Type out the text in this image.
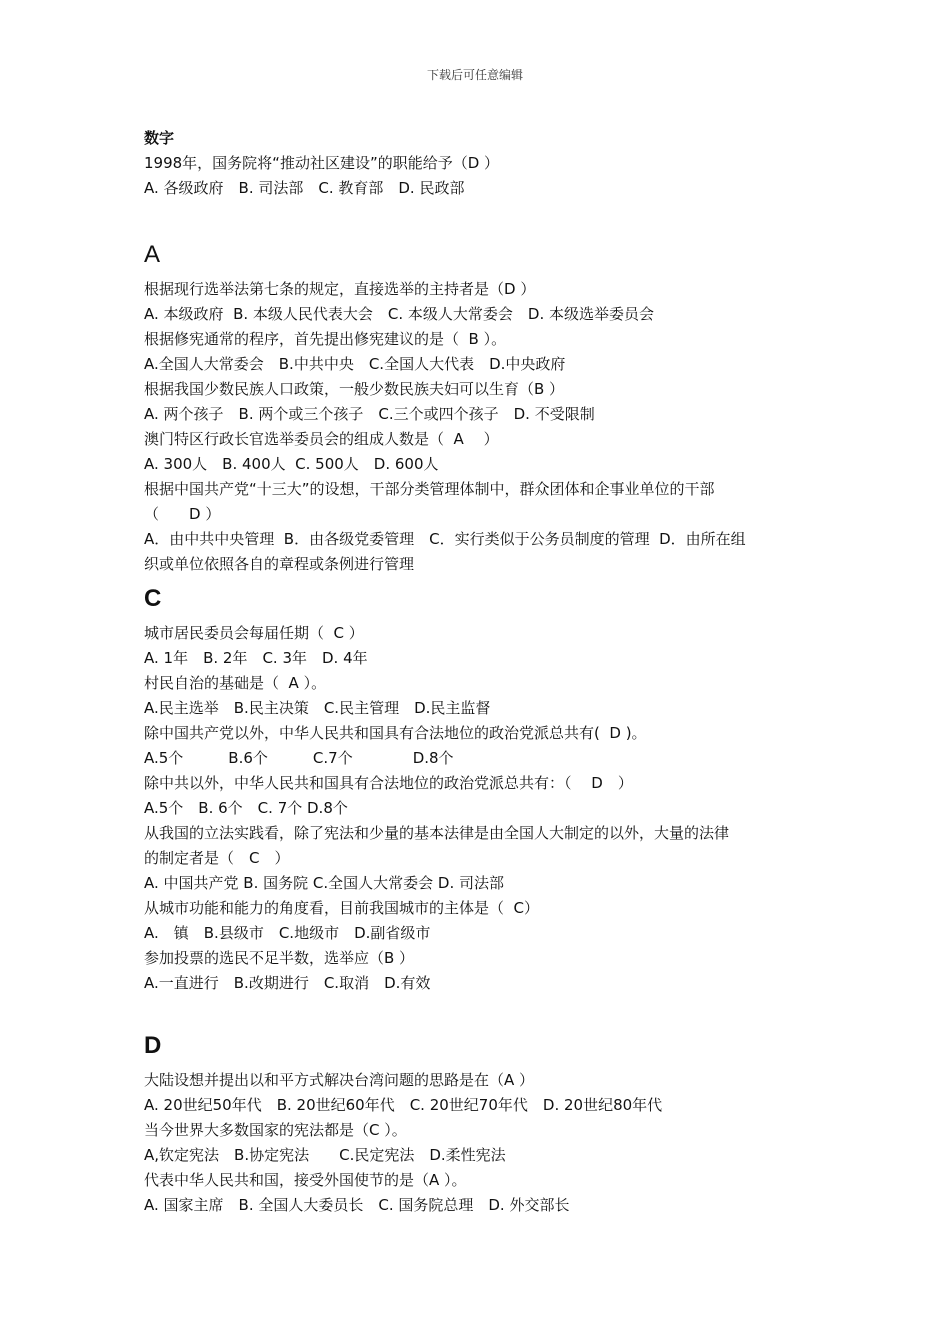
下载后可任意编辑
数字
1998年，国务院将“推动社区建设”的职能给予（D ）
A. 各级政府　B. 司法部　C. 教育部　D. 民政部
A
根据现行选举法第七条的规定，直接选举的主持者是（D ）
A. 本级政府  B. 本级人民代表大会　C. 本级人大常委会　D. 本级选举委员会
根据修宪通常的程序，首先提出修宪建议的是（  B ）。
A.全国人大常委会　B.中共中央　C.全国人大代表　D.中央政府
根据我国少数民族人口政策，一般少数民族夫妇可以生育（B ）
A. 两个孩子　B. 两个或三个孩子　C.三个或四个孩子　D. 不受限制
澳门特区行政长官选举委员会的组成人数是（  A　 ）
A. 300人　B. 400人  C. 500人　D. 600人
根据中国共产党“十三大”的设想，干部分类管理体制中，群众团体和企事业单位的干部
（　　D ）
A．由中共中央管理  B．由各级党委管理　C．实行类似于公务员制度的管理  D．由所在组
织或单位依照各自的章程或条例进行管理
C
城市居民委员会每届任期（  C ）
A. 1年　B. 2年　C. 3年　D. 4年
村民自治的基础是（  A ）。
A.民主选举　B.民主决策　C.民主管理　D.民主监督
除中国共产党以外，中华人民共和国具有合法地位的政治党派总共有(  D )。
A.5个　　　B.6个　　　C.7个　　　　D.8个
除中共以外，中华人民共和国具有合法地位的政治党派总共有：（　 D　）
A.5个　B. 6个　C. 7个 D.8个
从我国的立法实践看，除了宪法和少量的基本法律是由全国人大制定的以外，大量的法律
的制定者是（　C　）
A. 中国共产党 B. 国务院 C.全国人大常委会 D. 司法部
从城市功能和能力的角度看，目前我国城市的主体是（  C）
A.　镇　B.县级市　C.地级市　D.副省级市
参加投票的选民不足半数，选举应（B ）
A.一直进行　B.改期进行　C.取消　D.有效
D
大陆设想并提出以和平方式解决台湾问题的思路是在（A ）
A. 20世纪50年代　B. 20世纪60年代　C. 20世纪70年代　D. 20世纪80年代
当今世界大多数国家的宪法都是（C ）。
A,钦定宪法　B.协定宪法　　C.民定宪法　D.柔性宪法
代表中华人民共和国，接受外国使节的是（A ）。
A. 国家主席　B. 全国人大委员长　C. 国务院总理　D. 外交部长
